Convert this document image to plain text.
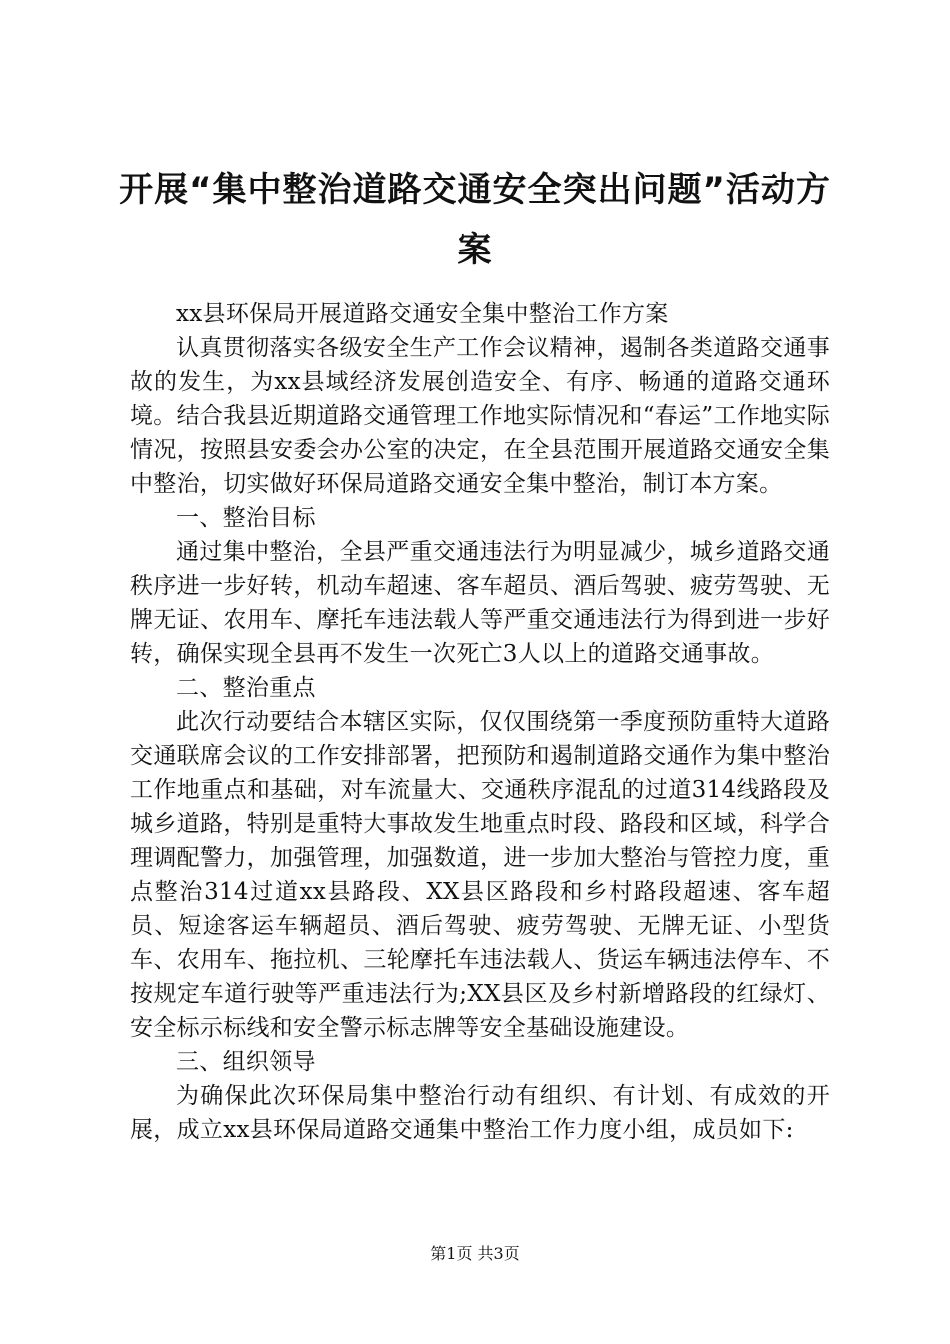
开展“集中整治道路交通安全突出问题”活动方案

xx县环保局开展道路交通安全集中整治工作方案

认真贯彻落实各级安全生产工作会议精神，遏制各类道路交通事故的发生，为xx县域经济发展创造安全、有序、畅通的道路交通环境。结合我县近期道路交通管理工作地实际情况和“春运”工作地实际情况，按照县安委会办公室的决定，在全县范围开展道路交通安全集中整治，切实做好环保局道路交通安全集中整治，制订本方案。

一、整治目标

通过集中整治，全县严重交通违法行为明显减少，城乡道路交通秩序进一步好转，机动车超速、客车超员、酒后驾驶、疲劳驾驶、无牌无证、农用车、摩托车违法载人等严重交通违法行为得到进一步好转，确保实现全县再不发生一次死亡3人以上的道路交通事故。

二、整治重点

此次行动要结合本辖区实际，仅仅围绕第一季度预防重特大道路交通联席会议的工作安排部署，把预防和遏制道路交通作为集中整治工作地重点和基础，对车流量大、交通秩序混乱的过道314线路段及城乡道路，特别是重特大事故发生地重点时段、路段和区域，科学合理调配警力，加强管理，加强数道，进一步加大整治与管控力度，重点整治314过道xx县路段、XX县区路段和乡村路段超速、客车超员、短途客运车辆超员、酒后驾驶、疲劳驾驶、无牌无证、小型货车、农用车、拖拉机、三轮摩托车违法载人、货运车辆违法停车、不按规定车道行驶等严重违法行为;XX县区及乡村新增路段的红绿灯、安全标示标线和安全警示标志牌等安全基础设施建设。

三、组织领导

为确保此次环保局集中整治行动有组织、有计划、有成效的开展，成立xx县环保局道路交通集中整治工作力度小组，成员如下:

第1页 共3页
